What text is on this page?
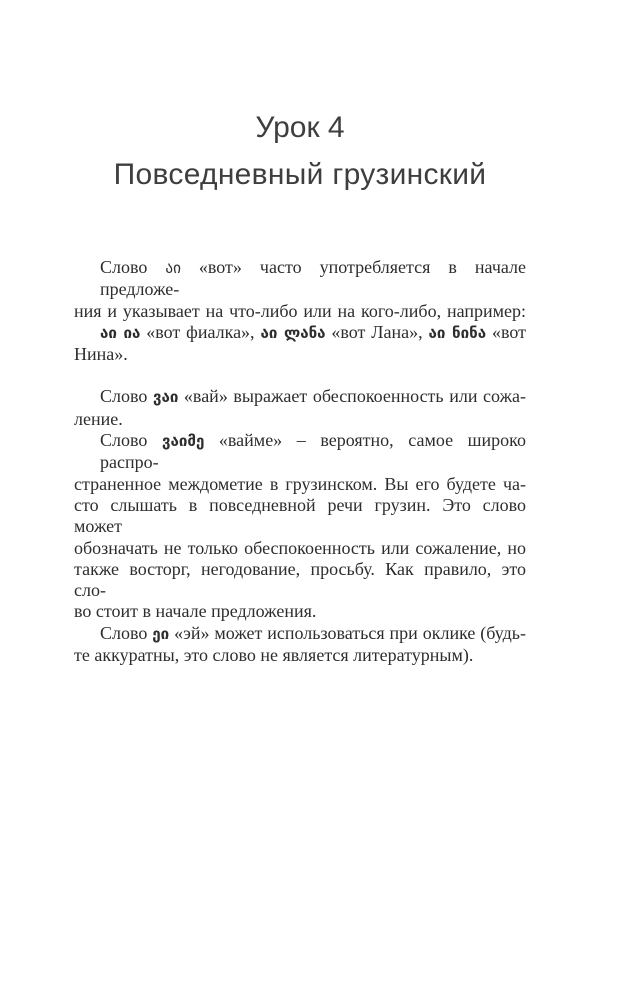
Урок 4
Повседневный грузинский
Слово აი «вот» часто употребляется в начале предложе-
ния и указывает на что-либо или на кого-либо, например:
აი ია «вот фиалка», აი ლანა «вот Лана», აი ნინა «вот
Нина».
Слово ვაი «вай» выражает обеспокоенность или сожа-
ление.
Слово ვაიმე «вайме» – вероятно, самое широко распро-
страненное междометие в грузинском. Вы его будете ча-
сто слышать в повседневной речи грузин. Это слово может
обозначать не только обеспокоенность или сожаление, но
также восторг, негодование, просьбу. Как правило, это сло-
во стоит в начале предложения.
Слово ეი «эй» может использоваться при оклике (будь-
те аккуратны, это слово не является литературным).
